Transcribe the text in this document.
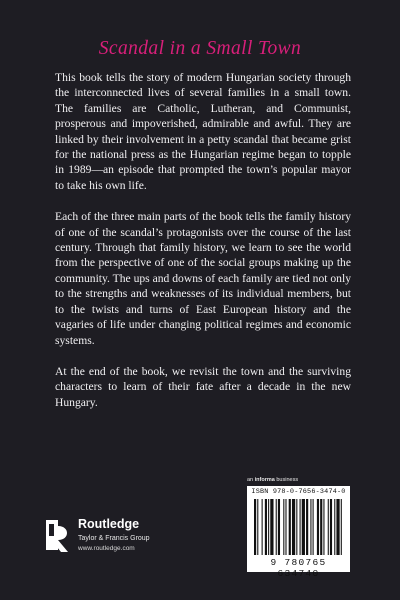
Scandal in a Small Town

This book tells the story of modern Hungarian society through the interconnected lives of several families in a small town. The families are Catholic, Lutheran, and Communist, prosperous and impoverished, admirable and awful. They are linked by their involvement in a petty scandal that became grist for the national press as the Hungarian regime began to topple in 1989—an episode that prompted the town’s popular mayor to take his own life.

Each of the three main parts of the book tells the family history of one of the scandal’s protagonists over the course of the last century. Through that family history, we learn to see the world from the perspective of one of the social groups making up the community. The ups and downs of each family are tied not only to the strengths and weaknesses of its individual members, but to the twists and turns of East European history and the vagaries of life under changing political regimes and economic systems.

At the end of the book, we revisit the town and the surviving characters to learn of their fate after a decade in the new Hungary.

an informa business
ISBN 978-0-7656-3474-0
9 780765 634740
Routledge
Taylor & Francis Group
www.routledge.com
